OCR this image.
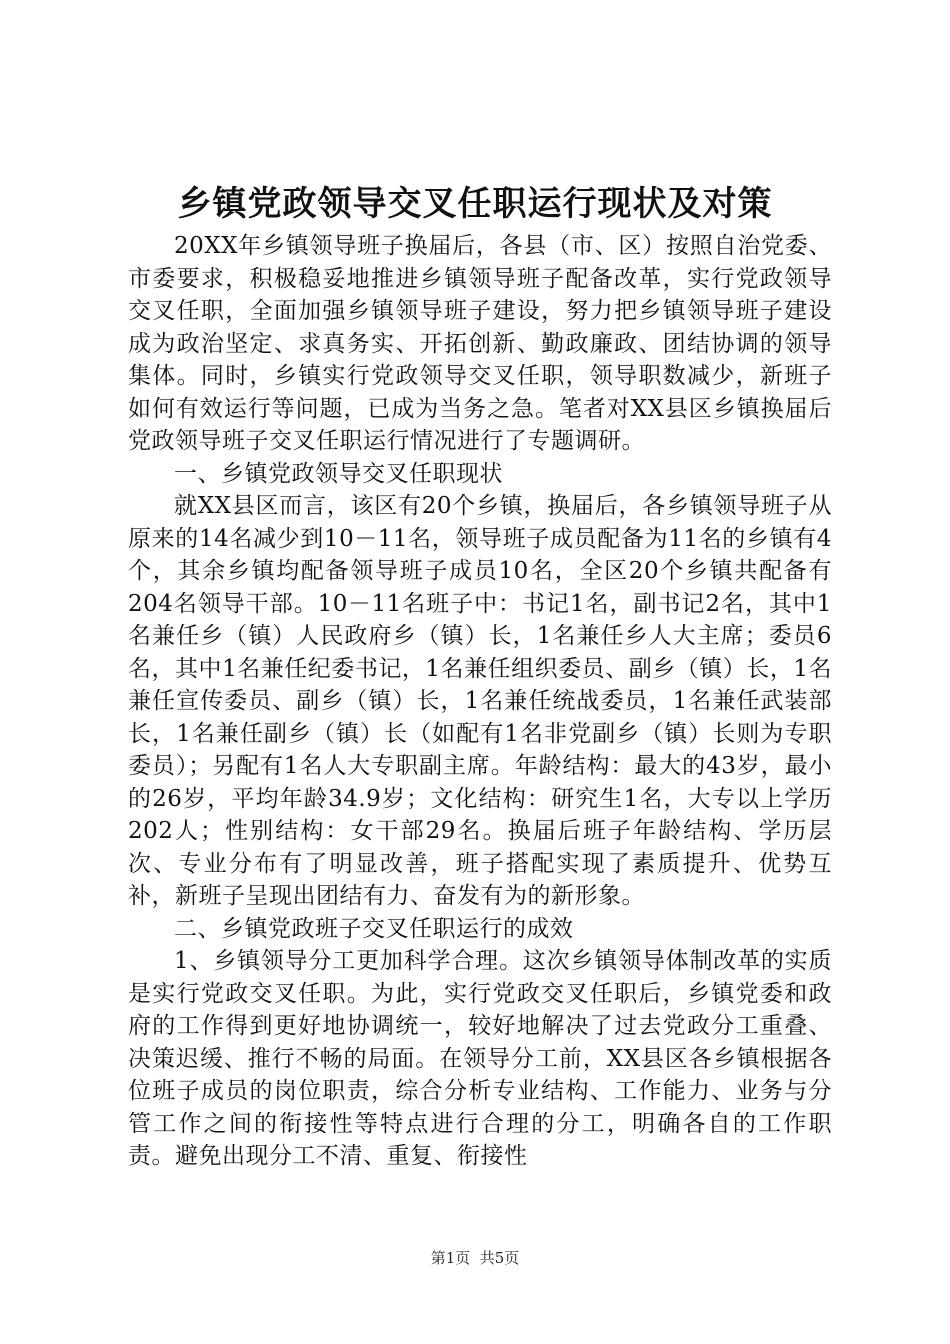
乡镇党政领导交叉任职运行现状及对策

20XX年乡镇领导班子换届后，各县（市、区）按照自治党委、市委要求，积极稳妥地推进乡镇领导班子配备改革，实行党政领导交叉任职，全面加强乡镇领导班子建设，努力把乡镇领导班子建设成为政治坚定、求真务实、开拓创新、勤政廉政、团结协调的领导集体。同时，乡镇实行党政领导交叉任职，领导职数减少，新班子如何有效运行等问题，已成为当务之急。笔者对XX县区乡镇换届后党政领导班子交叉任职运行情况进行了专题调研。

一、乡镇党政领导交叉任职现状

就XX县区而言，该区有20个乡镇，换届后，各乡镇领导班子从原来的14名减少到10－11名，领导班子成员配备为11名的乡镇有4个，其余乡镇均配备领导班子成员10名，全区20个乡镇共配备有204名领导干部。10－11名班子中：书记1名，副书记2名，其中1名兼任乡（镇）人民政府乡（镇）长，1名兼任乡人大主席；委员6名，其中1名兼任纪委书记，1名兼任组织委员、副乡（镇）长，1名兼任宣传委员、副乡（镇）长，1名兼任统战委员，1名兼任武装部长，1名兼任副乡（镇）长（如配有1名非党副乡（镇）长则为专职委员）；另配有1名人大专职副主席。年龄结构：最大的43岁，最小的26岁，平均年龄34.9岁；文化结构：研究生1名，大专以上学历202人；性别结构：女干部29名。换届后班子年龄结构、学历层次、专业分布有了明显改善，班子搭配实现了素质提升、优势互补，新班子呈现出团结有力、奋发有为的新形象。

二、乡镇党政班子交叉任职运行的成效

1、乡镇领导分工更加科学合理。这次乡镇领导体制改革的实质是实行党政交叉任职。为此，实行党政交叉任职后，乡镇党委和政府的工作得到更好地协调统一，较好地解决了过去党政分工重叠、决策迟缓、推行不畅的局面。在领导分工前，XX县区各乡镇根据各位班子成员的岗位职责，综合分析专业结构、工作能力、业务与分管工作之间的衔接性等特点进行合理的分工，明确各自的工作职责。避免出现分工不清、重复、衔接性

第1页  共5页
